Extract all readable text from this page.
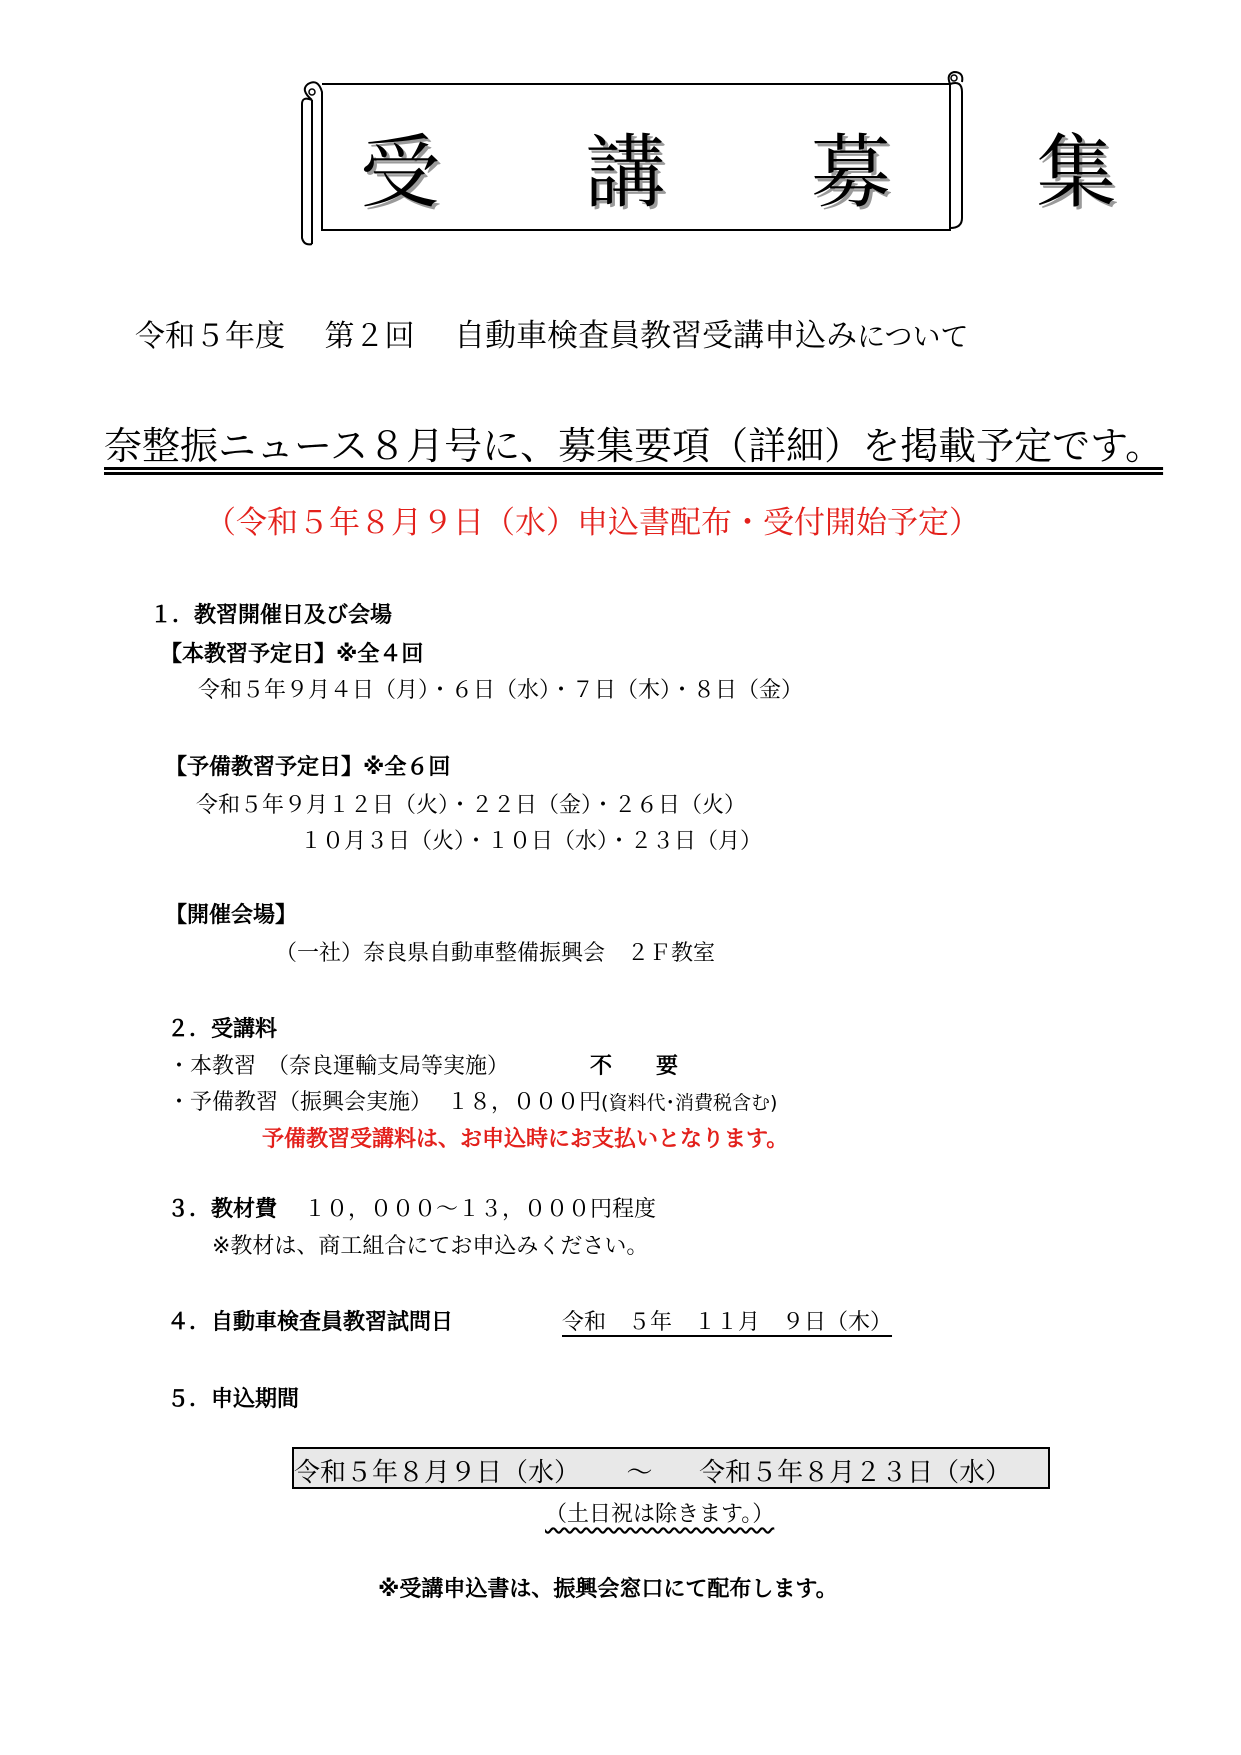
受 講 募 集
令和５年度　 第２回　 自動車検査員教習受講申込みについて
奈整振ニュース８月号に、募集要項（詳細）を掲載予定です。
（令和５年８月９日（水）申込書配布・受付開始予定）
１．教習開催日及び会場
【本教習予定日】※全４回
令和５年９月４日（月）・６日（水）・７日（木）・８日（金）
【予備教習予定日】※全６回
令和５年９月１２日（火）・２２日（金）・２６日（火）
１０月３日（火）・１０日（水）・２３日（月）
【開催会場】
（一社）奈良県自動車整備振興会　２Ｆ教室
２．受講料
・本教習　（奈良運輸支局等実施）	不　　要
・予備教習（振興会実施） １８，０００円(資料代･消費税含む)
予備教習受講料は、お申込時にお支払いとなります。
３．教材費 １０，０００～１３，０００円程度
※教材は、商工組合にてお申込みください。
４．自動車検査員教習試問日	令和　５年　１１月　９日（木）
５．申込期間
令和５年８月９日（水） ～ 令和５年８月２３日（水）
（土日祝は除きます。）
※受講申込書は、振興会窓口にて配布します。
